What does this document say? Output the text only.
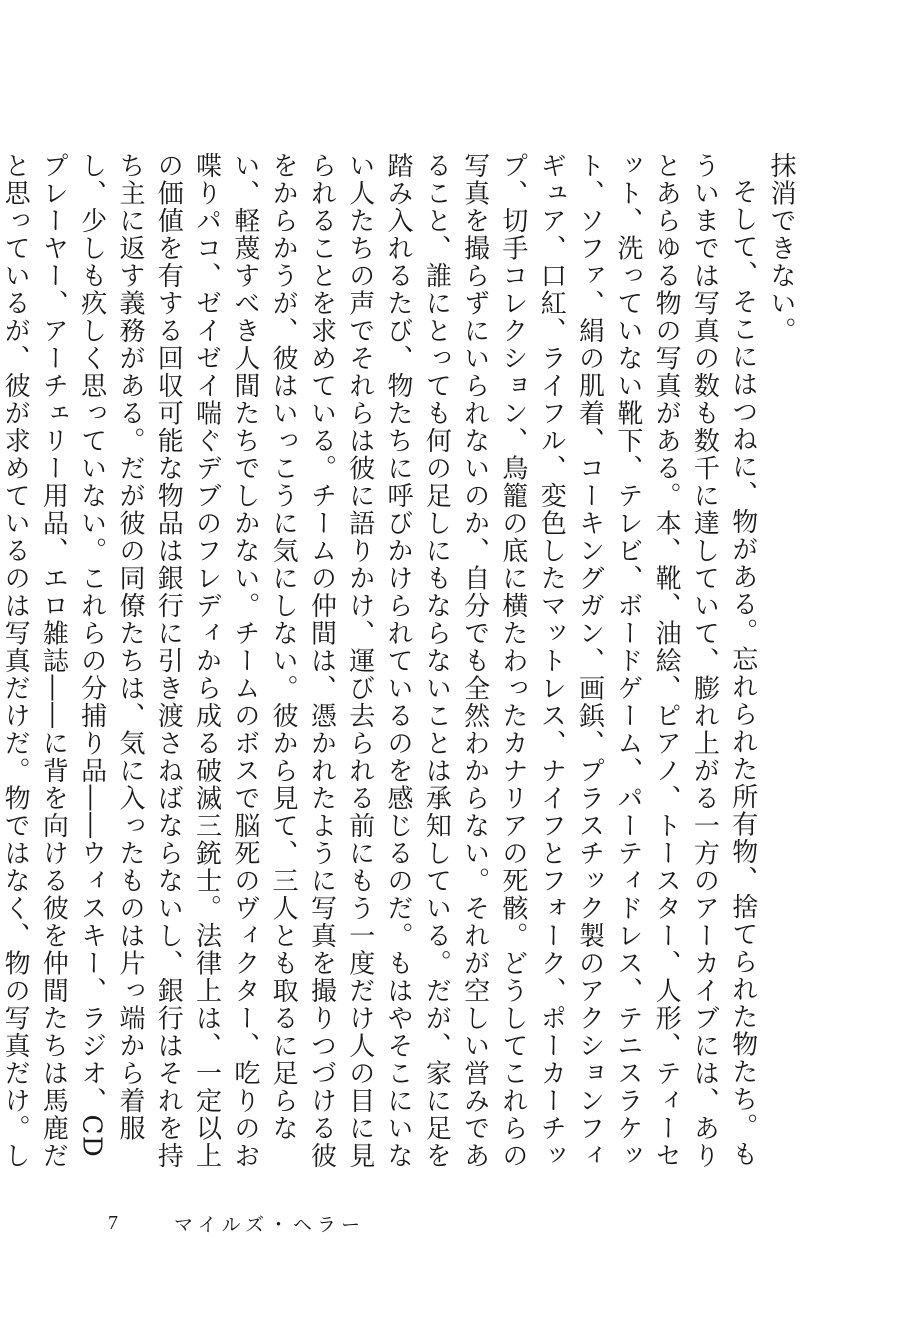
抹消できない。

そして、そこにはつねに、物がある。忘れられた所有物、捨てられた物たち。もういまでは写真の数も数千に達していて、膨れ上がる一方のアーカイブには、ありとあらゆる物の写真がある。本、靴、油絵、ピアノ、トースター、人形、ティーセット、洗っていない靴下、テレビ、ボードゲーム、パーティドレス、テニスラケット、ソファ、絹の肌着、コーキングガン、画鋲、プラスチック製のアクションフィギュア、口紅、ライフル、変色したマットレス、ナイフとフォーク、ポーカーチップ、切手コレクション、鳥籠の底に横たわったカナリアの死骸。どうしてこれらの写真を撮らずにいられないのか、自分でも全然わからない。それが空しい営みであること、誰にとっても何の足しにもならないことは承知している。だが、家に足を踏み入れるたび、物たちに呼びかけられているのを感じるのだ。もはやそこにいない人たちの声でそれらは彼に語りかけ、運び去られる前にもう一度だけ人の目に見られることを求めている。チームの仲間は、憑かれたように写真を撮りつづける彼をからかうが、彼はいっこうに気にしない。彼から見て、三人とも取るに足らない、軽蔑すべき人間たちでしかない。チームのボスで脳死のヴィクター、吃りのお喋りパコ、ゼイゼイ喘ぐデブのフレディから成る破滅三銃士。法律上は、一定以上の価値を有する回収可能な物品は銀行に引き渡さねばならないし、銀行はそれを持ち主に返す義務がある。だが彼の同僚たちは、気に入ったものは片っ端から着服し、少しも疚しく思っていない。これらの分捕り品――ウィスキー、ラジオ、CDプレーヤー、アーチェリー用品、エロ雑誌――に背を向ける彼を仲間たちは馬鹿だと思っているが、彼が求めているのは写真だけだ。物ではなく、物の写真だけ。し

7	マイルズ・ヘラー
